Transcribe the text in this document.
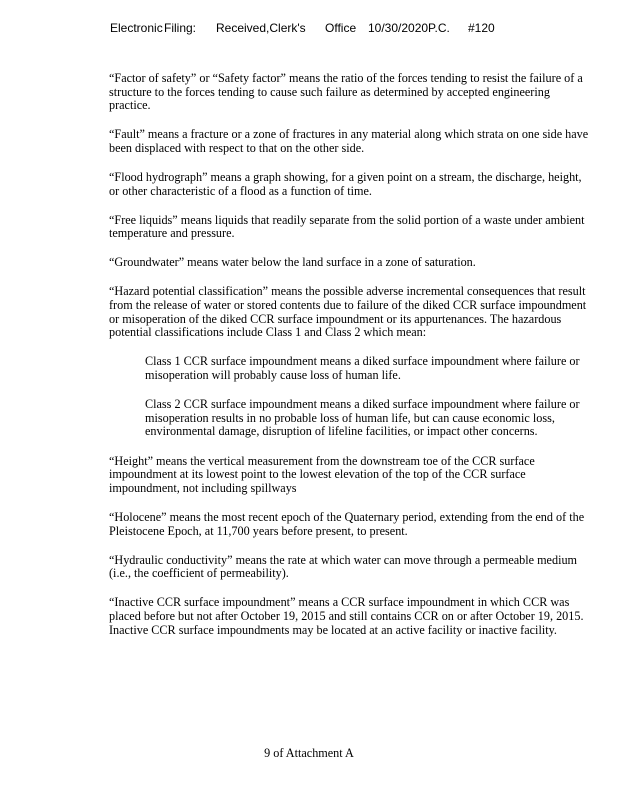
Electronic Filing: Received,Clerk's Office 10/30/2020P.C. #120

“Factor of safety” or “Safety factor” means the ratio of the forces tending to resist the failure of a structure to the forces tending to cause such failure as determined by accepted engineering practice.

“Fault” means a fracture or a zone of fractures in any material along which strata on one side have been displaced with respect to that on the other side.

“Flood hydrograph” means a graph showing, for a given point on a stream, the discharge, height, or other characteristic of a flood as a function of time.

“Free liquids” means liquids that readily separate from the solid portion of a waste under ambient temperature and pressure.

“Groundwater” means water below the land surface in a zone of saturation.

“Hazard potential classification” means the possible adverse incremental consequences that result from the release of water or stored contents due to failure of the diked CCR surface impoundment or misoperation of the diked CCR surface impoundment or its appurtenances. The hazardous potential classifications include Class 1 and Class 2 which mean:

Class 1 CCR surface impoundment means a diked surface impoundment where failure or misoperation will probably cause loss of human life.

Class 2 CCR surface impoundment means a diked surface impoundment where failure or misoperation results in no probable loss of human life, but can cause economic loss, environmental damage, disruption of lifeline facilities, or impact other concerns.

“Height” means the vertical measurement from the downstream toe of the CCR surface impoundment at its lowest point to the lowest elevation of the top of the CCR surface impoundment, not including spillways

“Holocene” means the most recent epoch of the Quaternary period, extending from the end of the Pleistocene Epoch, at 11,700 years before present, to present.

“Hydraulic conductivity” means the rate at which water can move through a permeable medium (i.e., the coefficient of permeability).

“Inactive CCR surface impoundment” means a CCR surface impoundment in which CCR was placed before but not after October 19, 2015 and still contains CCR on or after October 19, 2015. Inactive CCR surface impoundments may be located at an active facility or inactive facility.

9 of Attachment A
